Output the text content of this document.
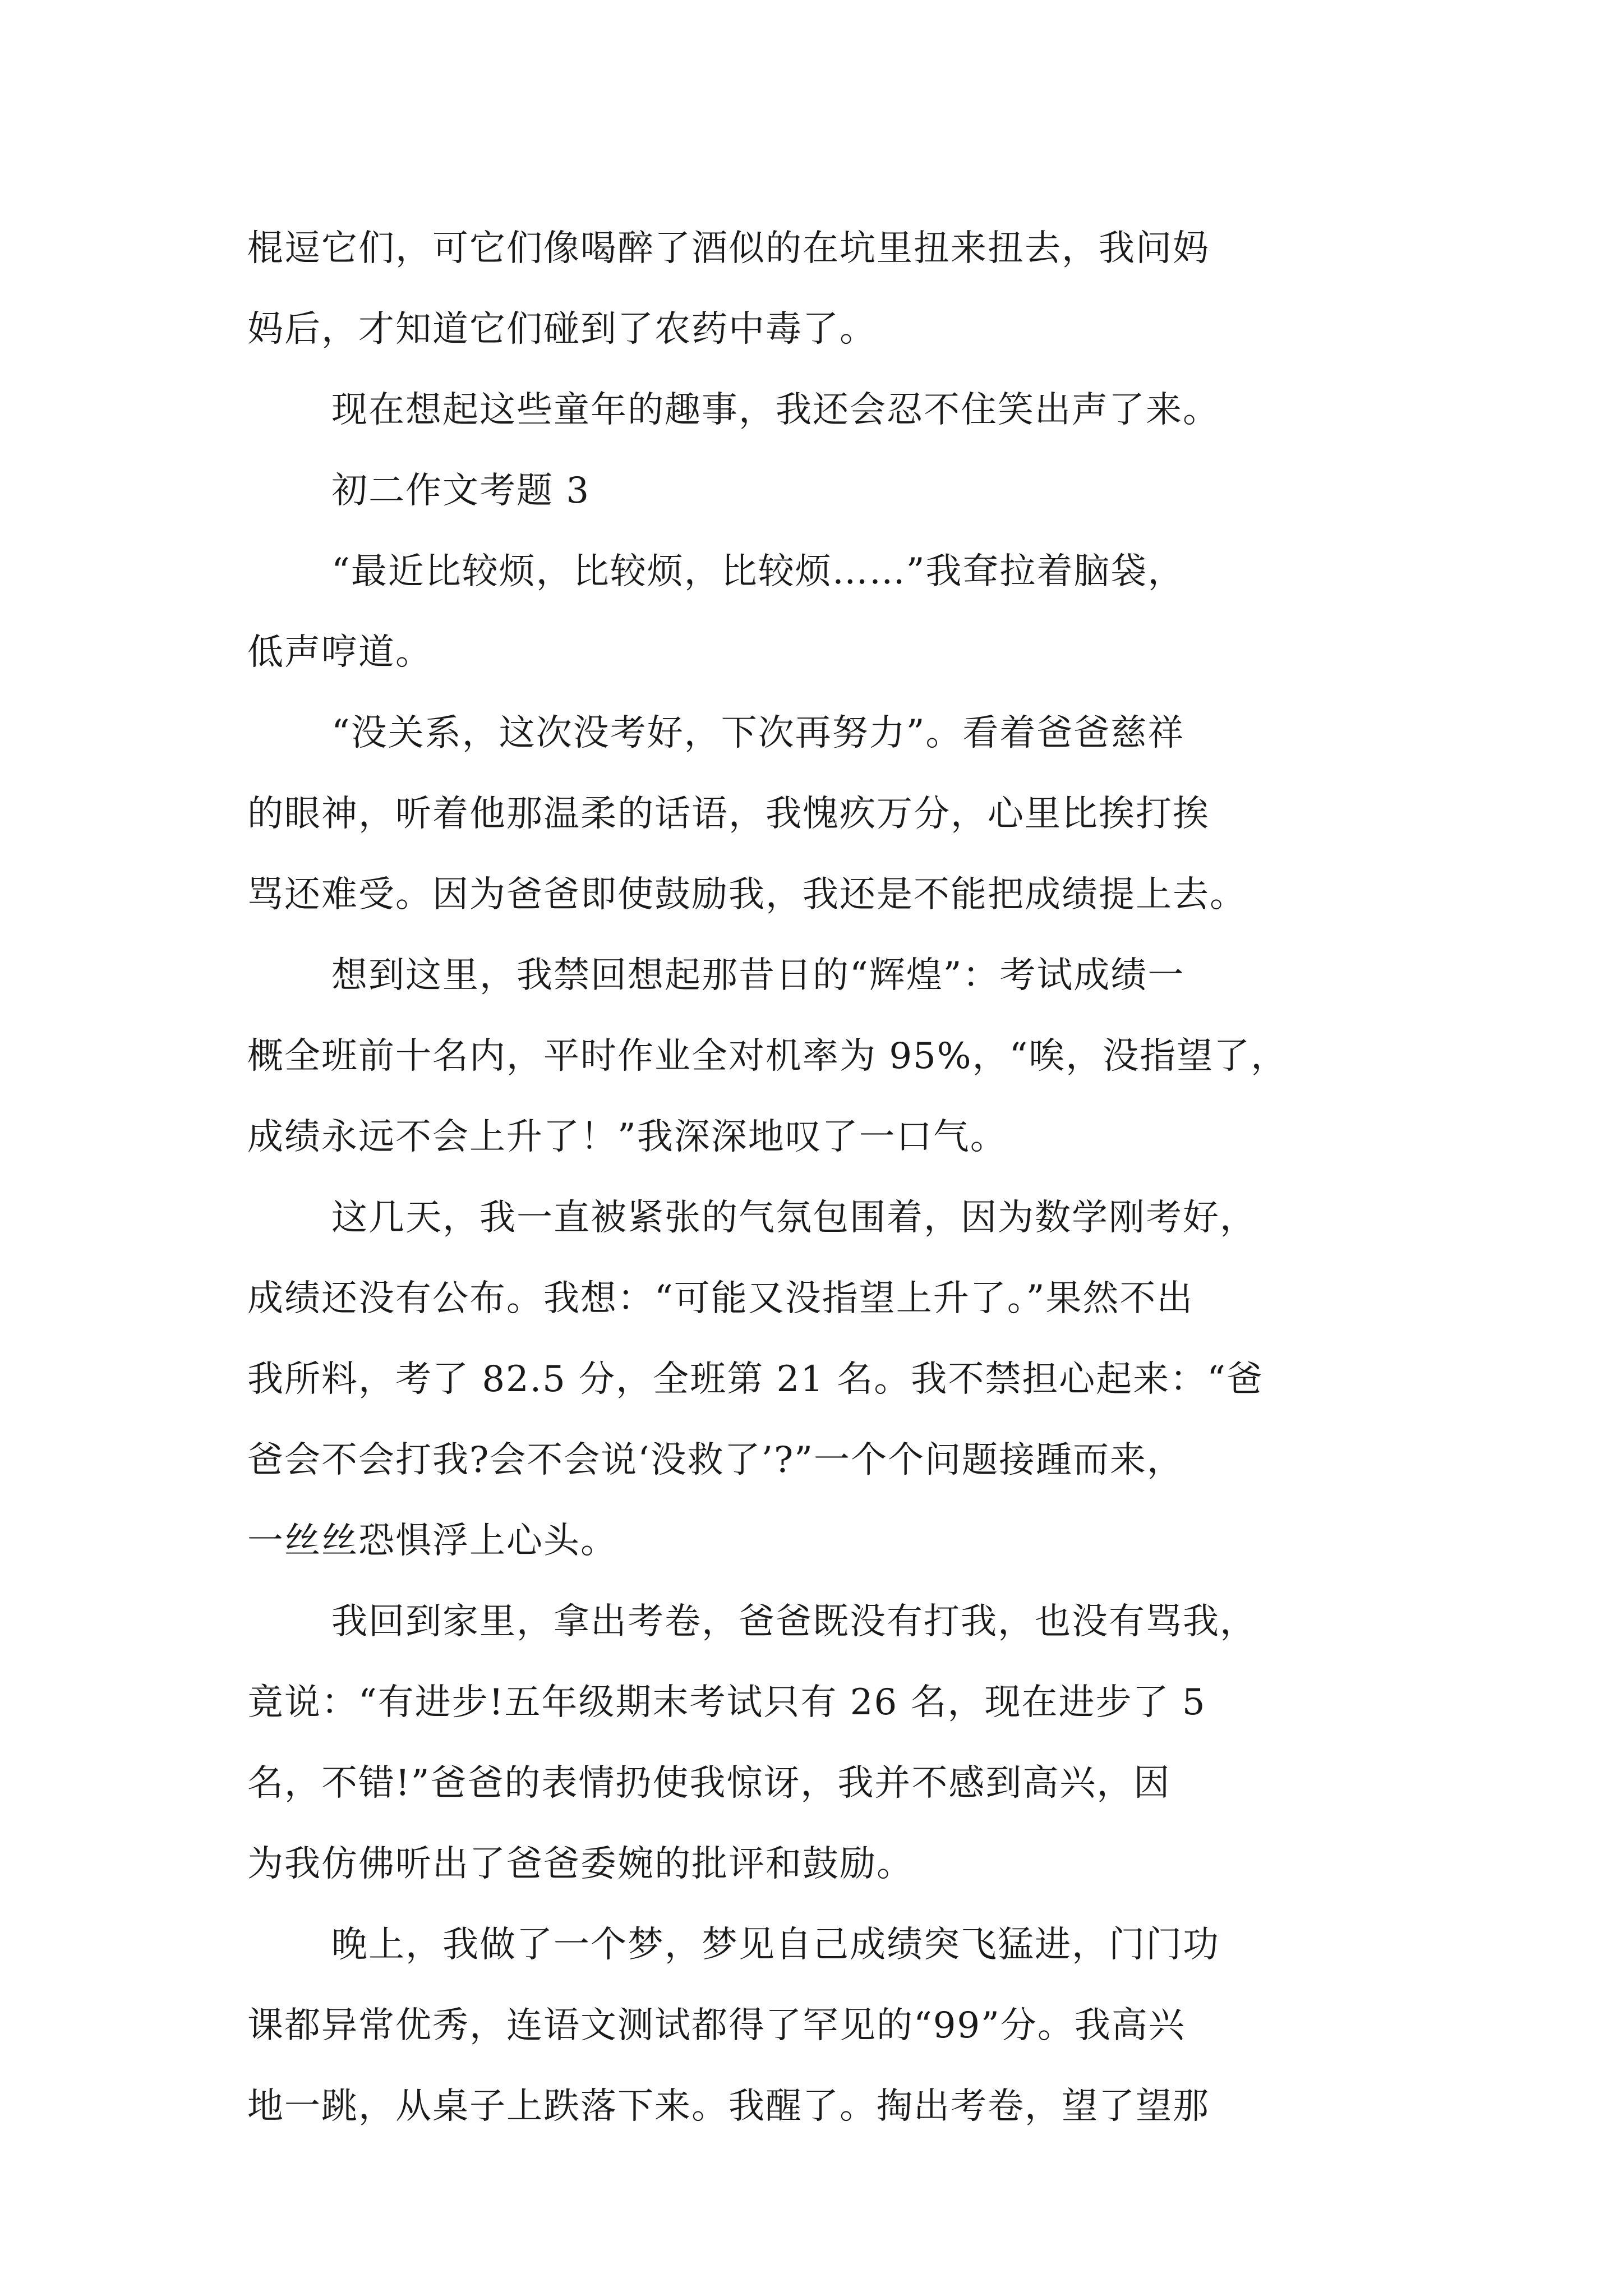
棍逗它们，可它们像喝醉了酒似的在坑里扭来扭去，我问妈

妈后，才知道它们碰到了农药中毒了。

现在想起这些童年的趣事，我还会忍不住笑出声了来。

初二作文考题 3

“最近比较烦，比较烦，比较烦……”我耷拉着脑袋，

低声哼道。

“没关系，这次没考好，下次再努力”。看着爸爸慈祥

的眼神，听着他那温柔的话语，我愧疚万分，心里比挨打挨

骂还难受。因为爸爸即使鼓励我，我还是不能把成绩提上去。

想到这里，我禁回想起那昔日的“辉煌”：考试成绩一

概全班前十名内，平时作业全对机率为 95%，“唉，没指望了，

成绩永远不会上升了！”我深深地叹了一口气。

这几天，我一直被紧张的气氛包围着，因为数学刚考好，

成绩还没有公布。我想：“可能又没指望上升了。”果然不出

我所料，考了 82.5 分，全班第 21 名。我不禁担心起来：“爸

爸会不会打我?会不会说‘没救了’?”一个个问题接踵而来，

一丝丝恐惧浮上心头。

我回到家里，拿出考卷，爸爸既没有打我，也没有骂我，

竟说：“有进步!五年级期末考试只有 26 名，现在进步了 5

名，不错!”爸爸的表情扔使我惊讶，我并不感到高兴，因

为我仿佛听出了爸爸委婉的批评和鼓励。

晚上，我做了一个梦，梦见自己成绩突飞猛进，门门功

课都异常优秀，连语文测试都得了罕见的“99”分。我高兴

地一跳，从桌子上跌落下来。我醒了。掏出考卷，望了望那
